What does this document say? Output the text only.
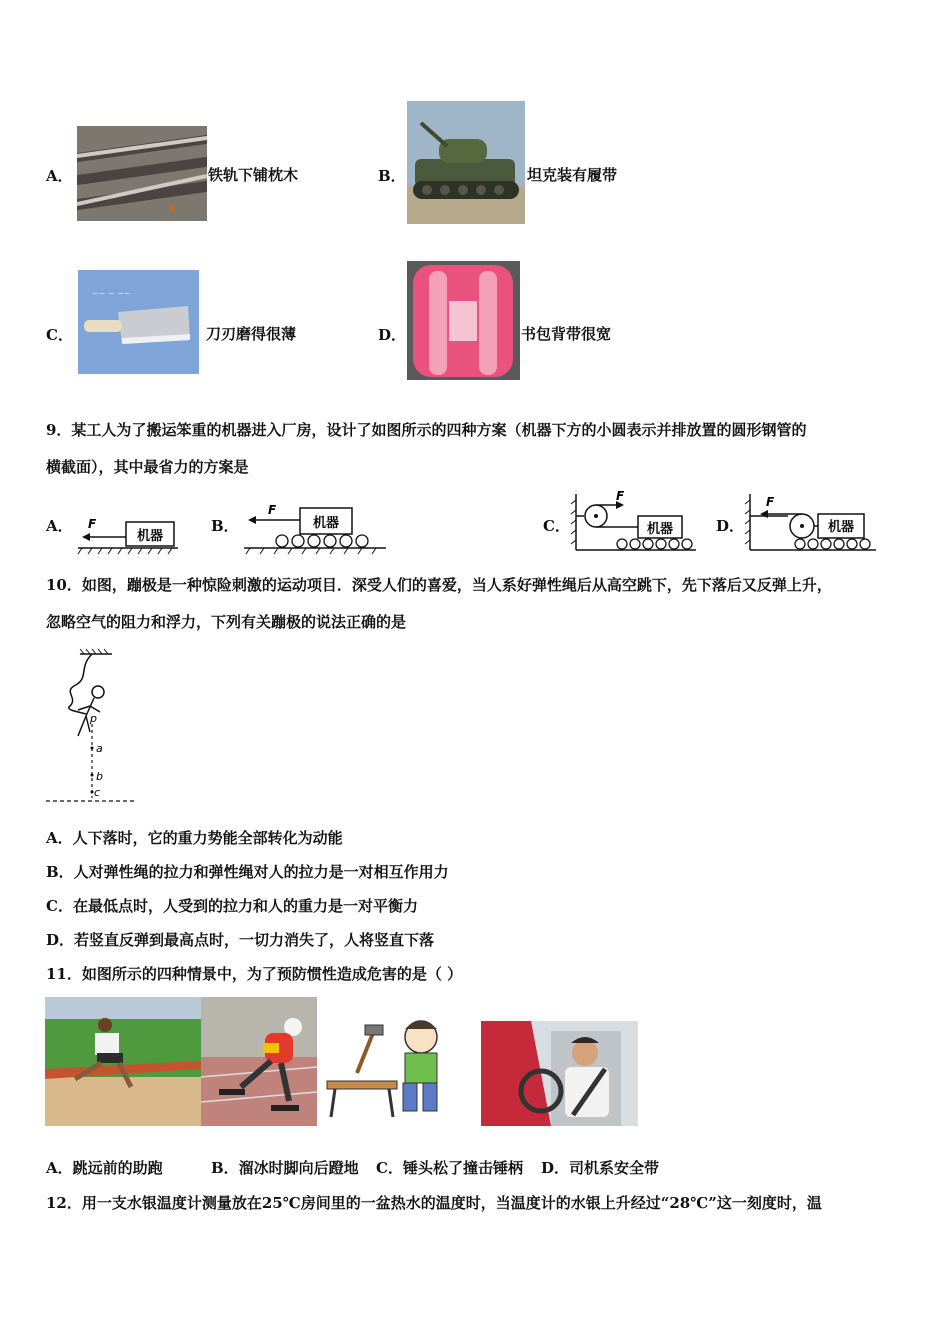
A．	铁轨下铺枕木	B．	坦克装有履带
C．
~~ ~ ~~
刀刃磨得很薄	D．	书包背带很宽
9．某工人为了搬运笨重的机器进入厂房，设计了如图所示的四种方案（机器下方的小圆表示并排放置的圆形钢管的
横截面），其中最省力的方案是
A．
机器
F	B．	机器
F
C．
F
机器	D．
F
机器
10．如图，蹦极是一种惊险刺激的运动项目．深受人们的喜爱，当人系好弹性绳后从高空跳下，先下落后又反弹上升，
忽略空气的阻力和浮力，下列有关蹦极的说法正确的是
p
a
b
c
A．人下落时，它的重力势能全部转化为动能
B．人对弹性绳的拉力和弹性绳对人的拉力是一对相互作用力
C．在最低点时，人受到的拉力和人的重力是一对平衡力
D．若竖直反弹到最高点时，一切力消失了，人将竖直下落
11．如图所示的四种情景中，为了预防惯性造成危害的是（ ）
A．跳远前的助跑	B．溜冰时脚向后蹬地 C．锤头松了撞击锤柄 D．司机系安全带
12．用一支水银温度计测量放在25℃房间里的一盆热水的温度时，当温度计的水银上升经过“28℃”这一刻度时，温
